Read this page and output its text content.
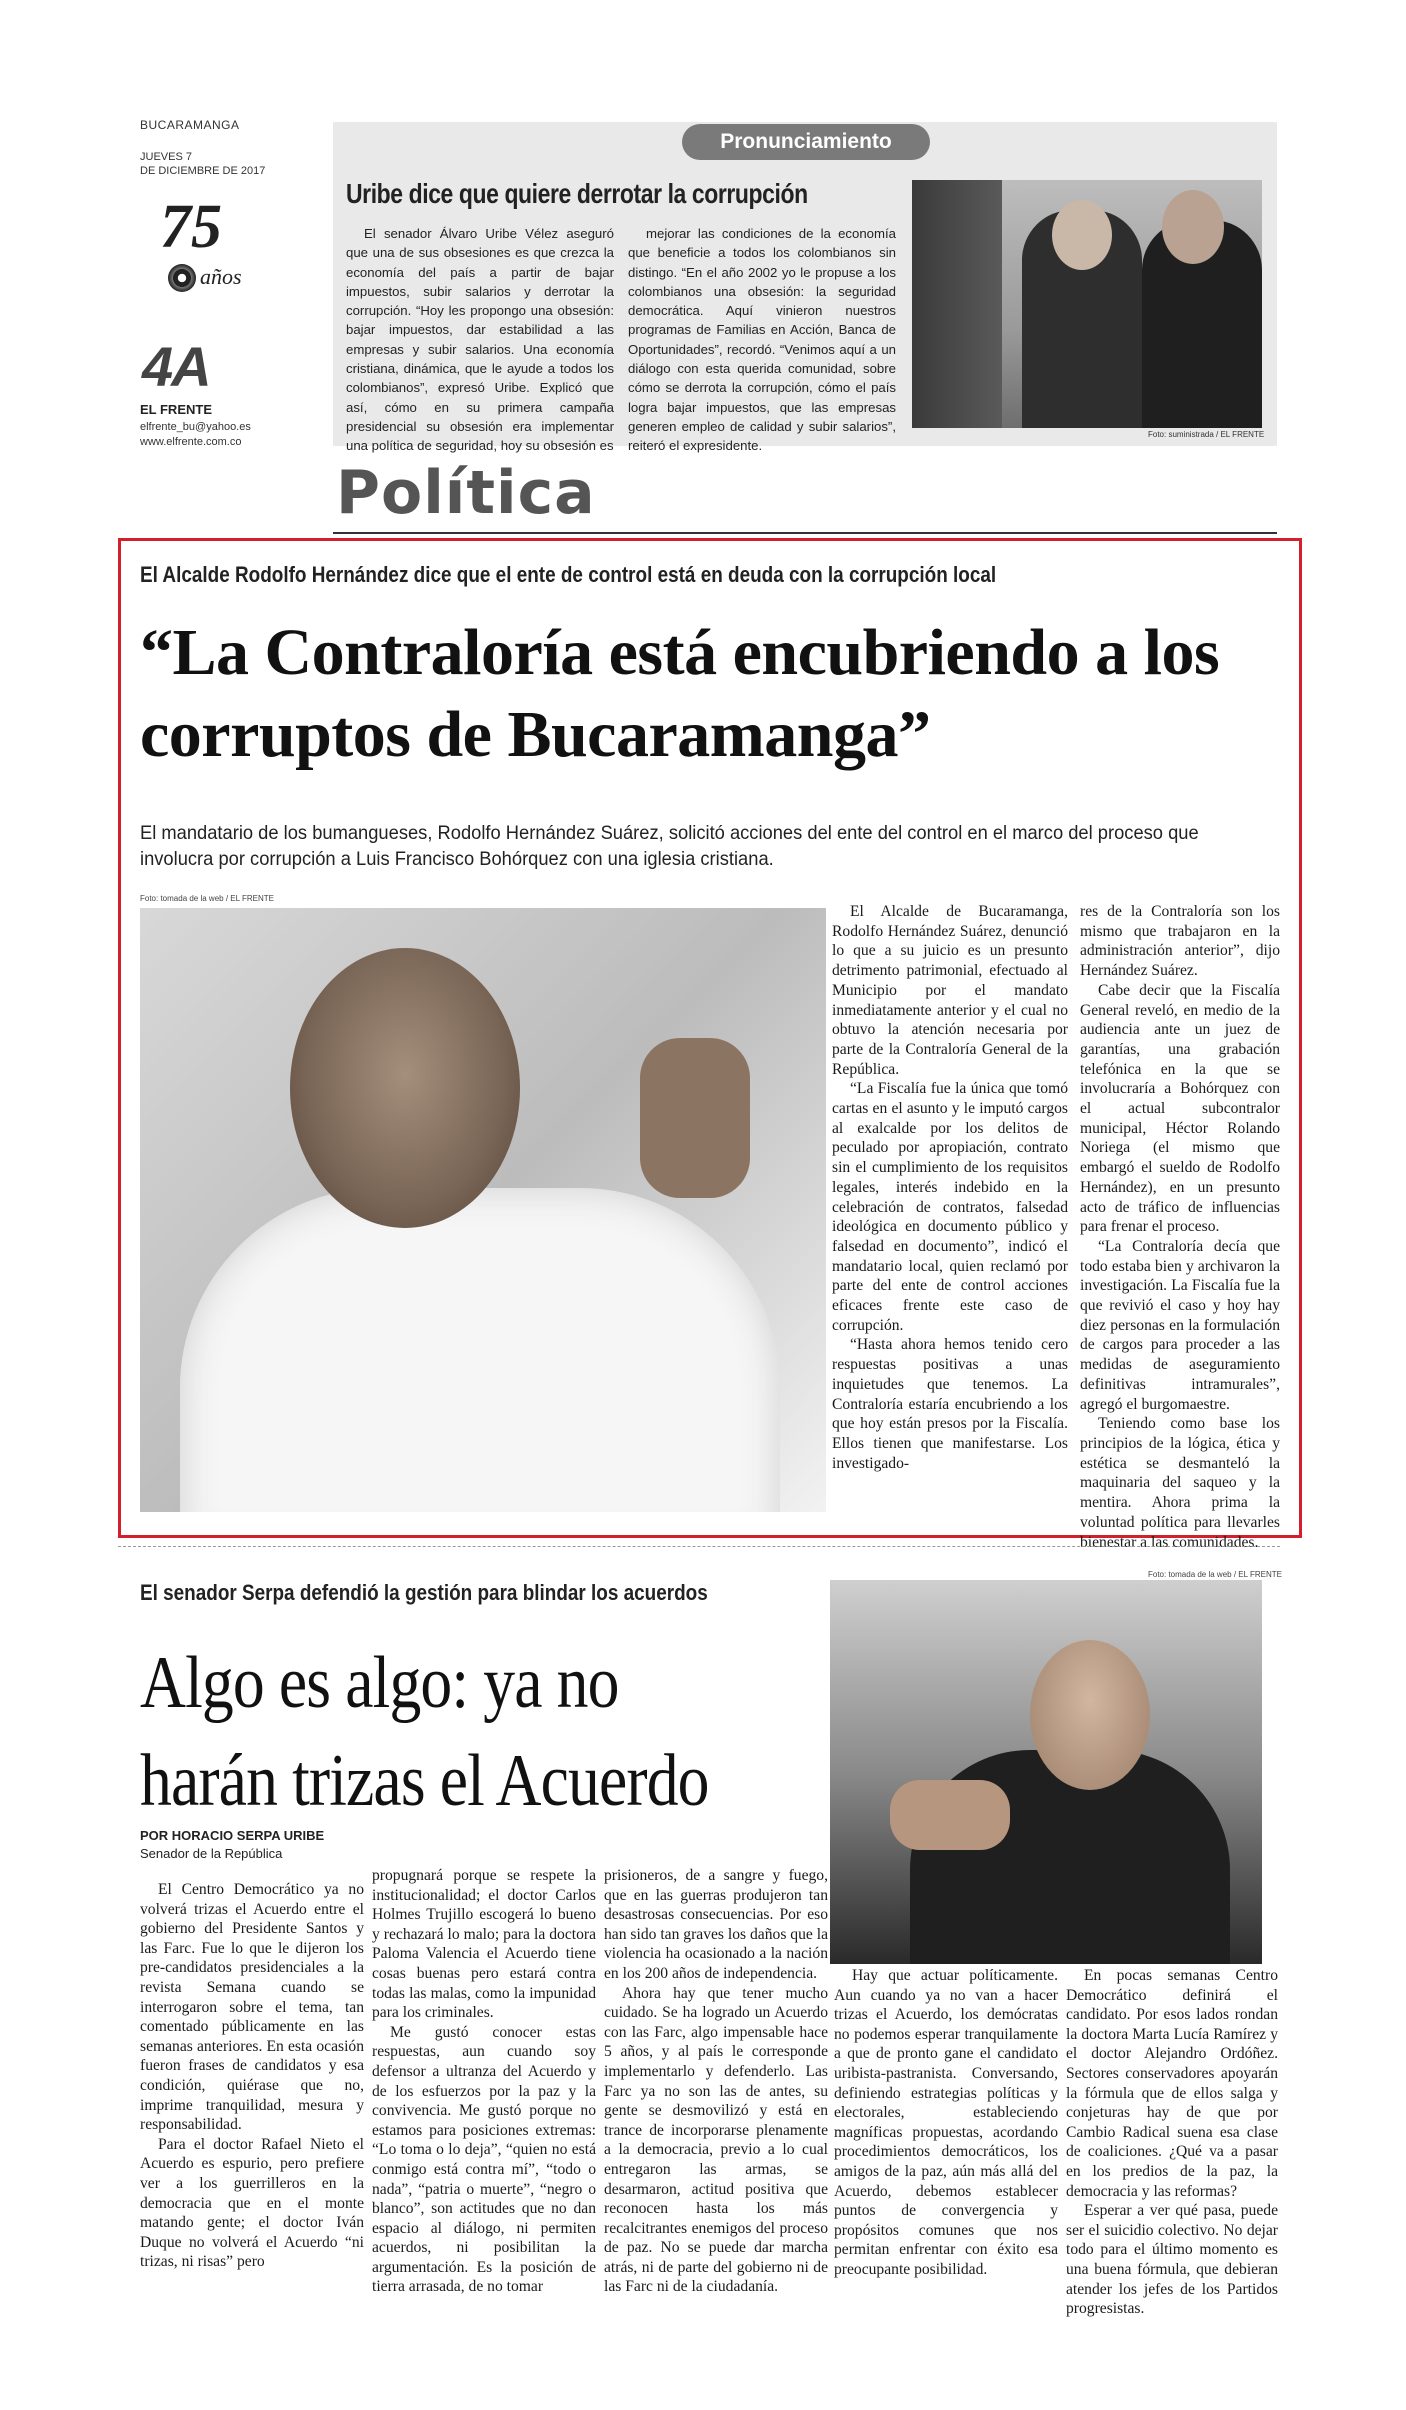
BUCARAMANGA
JUEVES 7
DE DICIEMBRE DE 2017
75
años
4A
EL FRENTE
elfrente_bu@yahoo.es
www.elfrente.com.co
Pronunciamiento
Uribe dice que quiere derrotar la corrupción

El senador Álvaro Uribe Vélez aseguró que una de sus obsesiones es que crezca la economía del país a partir de bajar impuestos, subir salarios y derrotar la corrupción. “Hoy les propongo una obsesión: bajar impuestos, dar estabilidad a las empresas y subir salarios. Una economía cristiana, dinámica, que le ayude a todos los colombianos”, expresó Uribe. Explicó que así, cómo en su primera campaña presidencial su obsesión era implementar una política de seguridad, hoy su obsesión es

mejorar las condiciones de la economía que beneficie a todos los colombianos sin distingo. “En el año 2002 yo le propuse a los colombianos una obsesión: la seguridad democrática. Aquí vinieron nuestros programas de Familias en Acción, Banca de Oportunidades”, recordó. “Venimos aquí a un diálogo con esta querida comunidad, sobre cómo se derrota la corrupción, cómo el país logra bajar impuestos, que las empresas generen empleo de calidad y subir salarios”, reiteró el expresidente.

Foto: suministrada / EL FRENTE
Política
El Alcalde Rodolfo Hernández dice que el ente de control está en deuda con la corrupción local
“La Contraloría está encubriendo a los corruptos de Bucaramanga”
El mandatario de los bumangueses, Rodolfo Hernández Suárez, solicitó acciones del ente del control en el marco del proceso que involucra por corrupción a Luis Francisco Bohórquez con una iglesia cristiana.
Foto: tomada de la web / EL FRENTE

El Alcalde de Bucaramanga, Rodolfo Hernández Suárez, denunció lo que a su juicio es un presunto detrimento patrimonial, efectuado al Municipio por el mandato inmediatamente anterior y el cual no obtuvo la atención necesaria por parte de la Contraloría General de la República.

“La Fiscalía fue la única que tomó cartas en el asunto y le imputó cargos al exalcalde por los delitos de peculado por apropiación, contrato sin el cumplimiento de los requisitos legales, interés indebido en la celebración de contratos, falsedad ideológica en documento público y falsedad en documento”, indicó el mandatario local, quien reclamó por parte del ente de control acciones eficaces frente este caso de corrupción.

“Hasta ahora hemos tenido cero respuestas positivas a unas inquietudes que tenemos. La Contraloría estaría encubriendo a los que hoy están presos por la Fiscalía. Ellos tienen que manifestarse. Los investigado-

res de la Contraloría son los mismo que trabajaron en la administración anterior”, dijo Hernández Suárez.

Cabe decir que la Fiscalía General reveló, en medio de la audiencia ante un juez de garantías, una grabación telefónica en la que se involucraría a Bohórquez con el actual subcontralor municipal, Héctor Rolando Noriega (el mismo que embargó el sueldo de Rodolfo Hernández), en un presunto acto de tráfico de influencias para frenar el proceso.

“La Contraloría decía que todo estaba bien y archivaron la investigación. La Fiscalía fue la que revivió el caso y hoy hay diez personas en la formulación de cargos para proceder a las medidas de aseguramiento definitivas intramurales”, agregó el burgomaestre.

Teniendo como base los principios de la lógica, ética y estética se desmanteló la maquinaria del saqueo y la mentira. Ahora prima la voluntad política para llevarles bienestar a las comunidades.

Foto: tomada de la web / EL FRENTE
El senador Serpa defendió la gestión para blindar los acuerdos
Algo es algo: ya no harán trizas el Acuerdo
POR HORACIO SERPA URIBE
Senador de la República

El Centro Democrático ya no volverá trizas el Acuerdo entre el gobierno del Presidente Santos y las Farc. Fue lo que le dijeron los pre-candidatos presidenciales a la revista Semana cuando se interrogaron sobre el tema, tan comentado públicamente en las semanas anteriores. En esta ocasión fueron frases de candidatos y esa condición, quiérase que no, imprime tranquilidad, mesura y responsabilidad.

Para el doctor Rafael Nieto el Acuerdo es espurio, pero prefiere ver a los guerrilleros en la democracia que en el monte matando gente; el doctor Iván Duque no volverá el Acuerdo “ni trizas, ni risas” pero

propugnará porque se respete la institucionalidad; el doctor Carlos Holmes Trujillo escogerá lo bueno y rechazará lo malo; para la doctora Paloma Valencia el Acuerdo tiene cosas buenas pero estará contra todas las malas, como la impunidad para los criminales.

Me gustó conocer estas respuestas, aun cuando soy defensor a ultranza del Acuerdo y de los esfuerzos por la paz y la convivencia. Me gustó porque no estamos para posiciones extremas: “Lo toma o lo deja”, “quien no está conmigo está contra mí”, “todo o nada”, “patria o muerte”, “negro o blanco”, son actitudes que no dan espacio al diálogo, ni permiten acuerdos, ni posibilitan la argumentación. Es la posición de tierra arrasada, de no tomar

prisioneros, de a sangre y fuego, que en las guerras produjeron tan desastrosas consecuencias. Por eso han sido tan graves los daños que la violencia ha ocasionado a la nación en los 200 años de independencia.

Ahora hay que tener mucho cuidado. Se ha logrado un Acuerdo con las Farc, algo impensable hace 5 años, y al país le corresponde implementarlo y defenderlo. Las Farc ya no son las de antes, su gente se desmovilizó y está en trance de incorporarse plenamente a la democracia, previo a lo cual entregaron las armas, se desarmaron, actitud positiva que reconocen hasta los más recalcitrantes enemigos del proceso de paz. No se puede dar marcha atrás, ni de parte del gobierno ni de las Farc ni de la ciudadanía.

Hay que actuar políticamente. Aun cuando ya no van a hacer trizas el Acuerdo, los demócratas no podemos esperar tranquilamente a que de pronto gane el candidato uribista-pastranista. Conversando, definiendo estrategias políticas y electorales, estableciendo magníficas propuestas, acordando procedimientos democráticos, los amigos de la paz, aún más allá del Acuerdo, debemos establecer puntos de convergencia y propósitos comunes que nos permitan enfrentar con éxito esa preocupante posibilidad.

En pocas semanas Centro Democrático definirá el candidato. Por esos lados rondan la doctora Marta Lucía Ramírez y el doctor Alejandro Ordóñez. Sectores conservadores apoyarán la fórmula que de ellos salga y conjeturas hay de que por Cambio Radical suena esa clase de coaliciones. ¿Qué va a pasar en los predios de la paz, la democracia y las reformas?

Esperar a ver qué pasa, puede ser el suicidio colectivo. No dejar todo para el último momento es una buena fórmula, que debieran atender los jefes de los Partidos progresistas.
